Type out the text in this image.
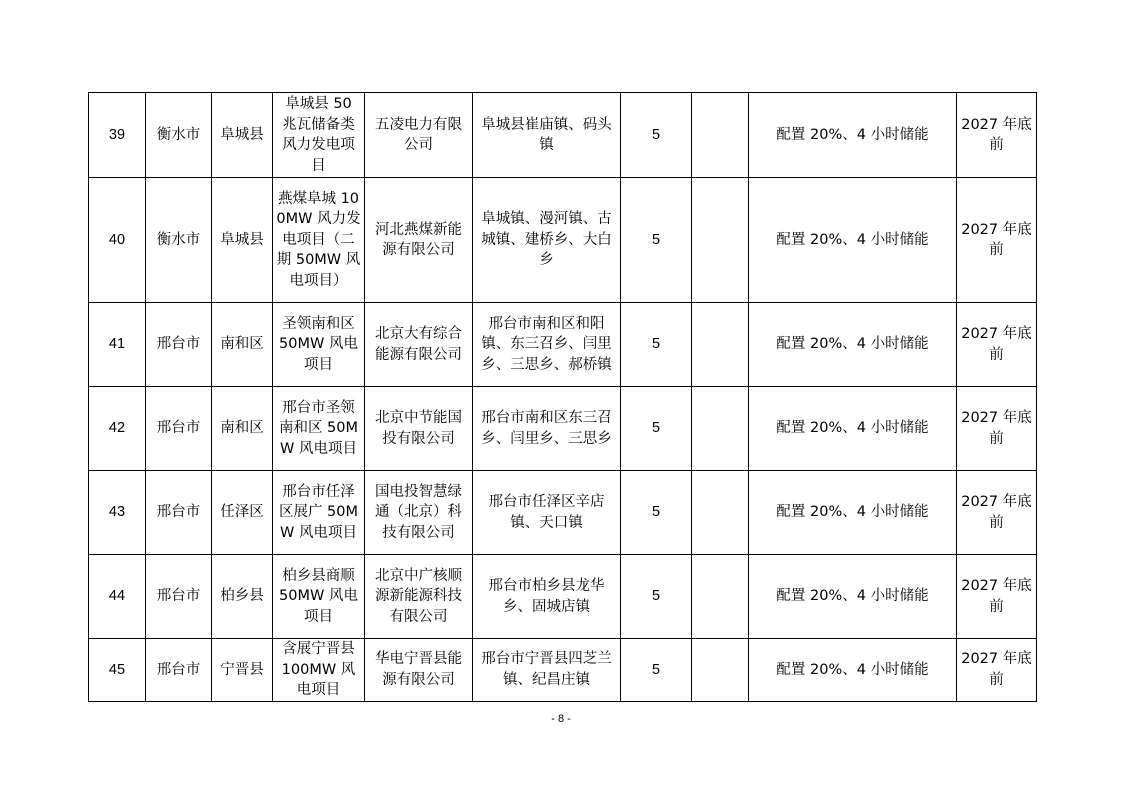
39	衡水市	阜城县	阜城县 50 兆瓦储备类风力发电项目	五凌电力有限公司	阜城县崔庙镇、码头镇	5		配置 20%、4 小时储能	2027 年底前
40	衡水市	阜城县	燕煤阜城 100MW 风力发电项目（二期 50MW 风电项目）	河北燕煤新能源有限公司	阜城镇、漫河镇、古城镇、建桥乡、大白乡	5		配置 20%、4 小时储能	2027 年底前
41	邢台市	南和区	圣领南和区 50MW 风电项目	北京大有综合能源有限公司	邢台市南和区和阳镇、东三召乡、闫里乡、三思乡、郝桥镇	5		配置 20%、4 小时储能	2027 年底前
42	邢台市	南和区	邢台市圣领南和区 50MW 风电项目	北京中节能国投有限公司	邢台市南和区东三召乡、闫里乡、三思乡	5		配置 20%、4 小时储能	2027 年底前
43	邢台市	任泽区	邢台市任泽区展广 50MW 风电项目	国电投智慧绿通（北京）科技有限公司	邢台市任泽区辛店镇、天口镇	5		配置 20%、4 小时储能	2027 年底前
44	邢台市	柏乡县	柏乡县商顺 50MW 风电项目	北京中广核顺源新能源科技有限公司	邢台市柏乡县龙华乡、固城店镇	5		配置 20%、4 小时储能	2027 年底前
45	邢台市	宁晋县	含展宁晋县 100MW 风电项目	华电宁晋县能源有限公司	邢台市宁晋县四芝兰镇、纪昌庄镇	5		配置 20%、4 小时储能	2027 年底前
- 8 -
